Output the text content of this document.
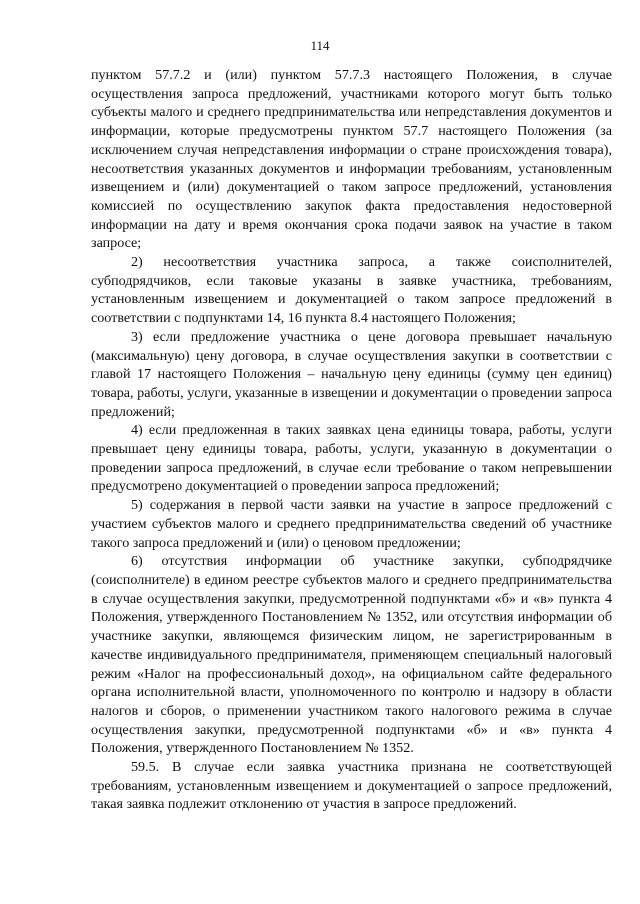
114

пунктом 57.7.2 и (или) пунктом 57.7.3 настоящего Положения, в случае осуществления запроса предложений, участниками которого могут быть только субъекты малого и среднего предпринимательства или непредставления документов и информации, которые предусмотрены пунктом 57.7 настоящего Положения (за исключением случая непредставления информации о стране происхождения товара), несоответствия указанных документов и информации требованиям, установленным извещением и (или) документацией о таком запросе предложений, установления комиссией по осуществлению закупок факта предоставления недостоверной информации на дату и время окончания срока подачи заявок на участие в таком запросе;

2) несоответствия участника запроса, а также соисполнителей, субподрядчиков, если таковые указаны в заявке участника, требованиям, установленным извещением и документацией о таком запросе предложений в соответствии с подпунктами 14, 16 пункта 8.4 настоящего Положения;

3) если предложение участника о цене договора превышает начальную (максимальную) цену договора, в случае осуществления закупки в соответствии с главой 17 настоящего Положения – начальную цену единицы (сумму цен единиц) товара, работы, услуги, указанные в извещении и документации о проведении запроса предложений;

4) если предложенная в таких заявках цена единицы товара, работы, услуги превышает цену единицы товара, работы, услуги, указанную в документации о проведении запроса предложений, в случае если требование о таком непревышении предусмотрено документацией о проведении запроса предложений;

5) содержания в первой части заявки на участие в запросе предложений с участием субъектов малого и среднего предпринимательства сведений об участнике такого запроса предложений и (или) о ценовом предложении;

6) отсутствия информации об участнике закупки, субподрядчике (соисполнителе) в едином реестре субъектов малого и среднего предпринимательства в случае осуществления закупки, предусмотренной подпунктами «б» и «в» пункта 4 Положения, утвержденного Постановлением № 1352, или отсутствия информации об участнике закупки, являющемся физическим лицом, не зарегистрированным в качестве индивидуального предпринимателя, применяющем специальный налоговый режим «Налог на профессиональный доход», на официальном сайте федерального органа исполнительной власти, уполномоченного по контролю и надзору в области налогов и сборов, о применении участником такого налогового режима в случае осуществления закупки, предусмотренной подпунктами «б» и «в» пункта 4 Положения, утвержденного Постановлением № 1352.

59.5. В случае если заявка участника признана не соответствующей требованиям, установленным извещением и документацией о запросе предложений, такая заявка подлежит отклонению от участия в запросе предложений.
